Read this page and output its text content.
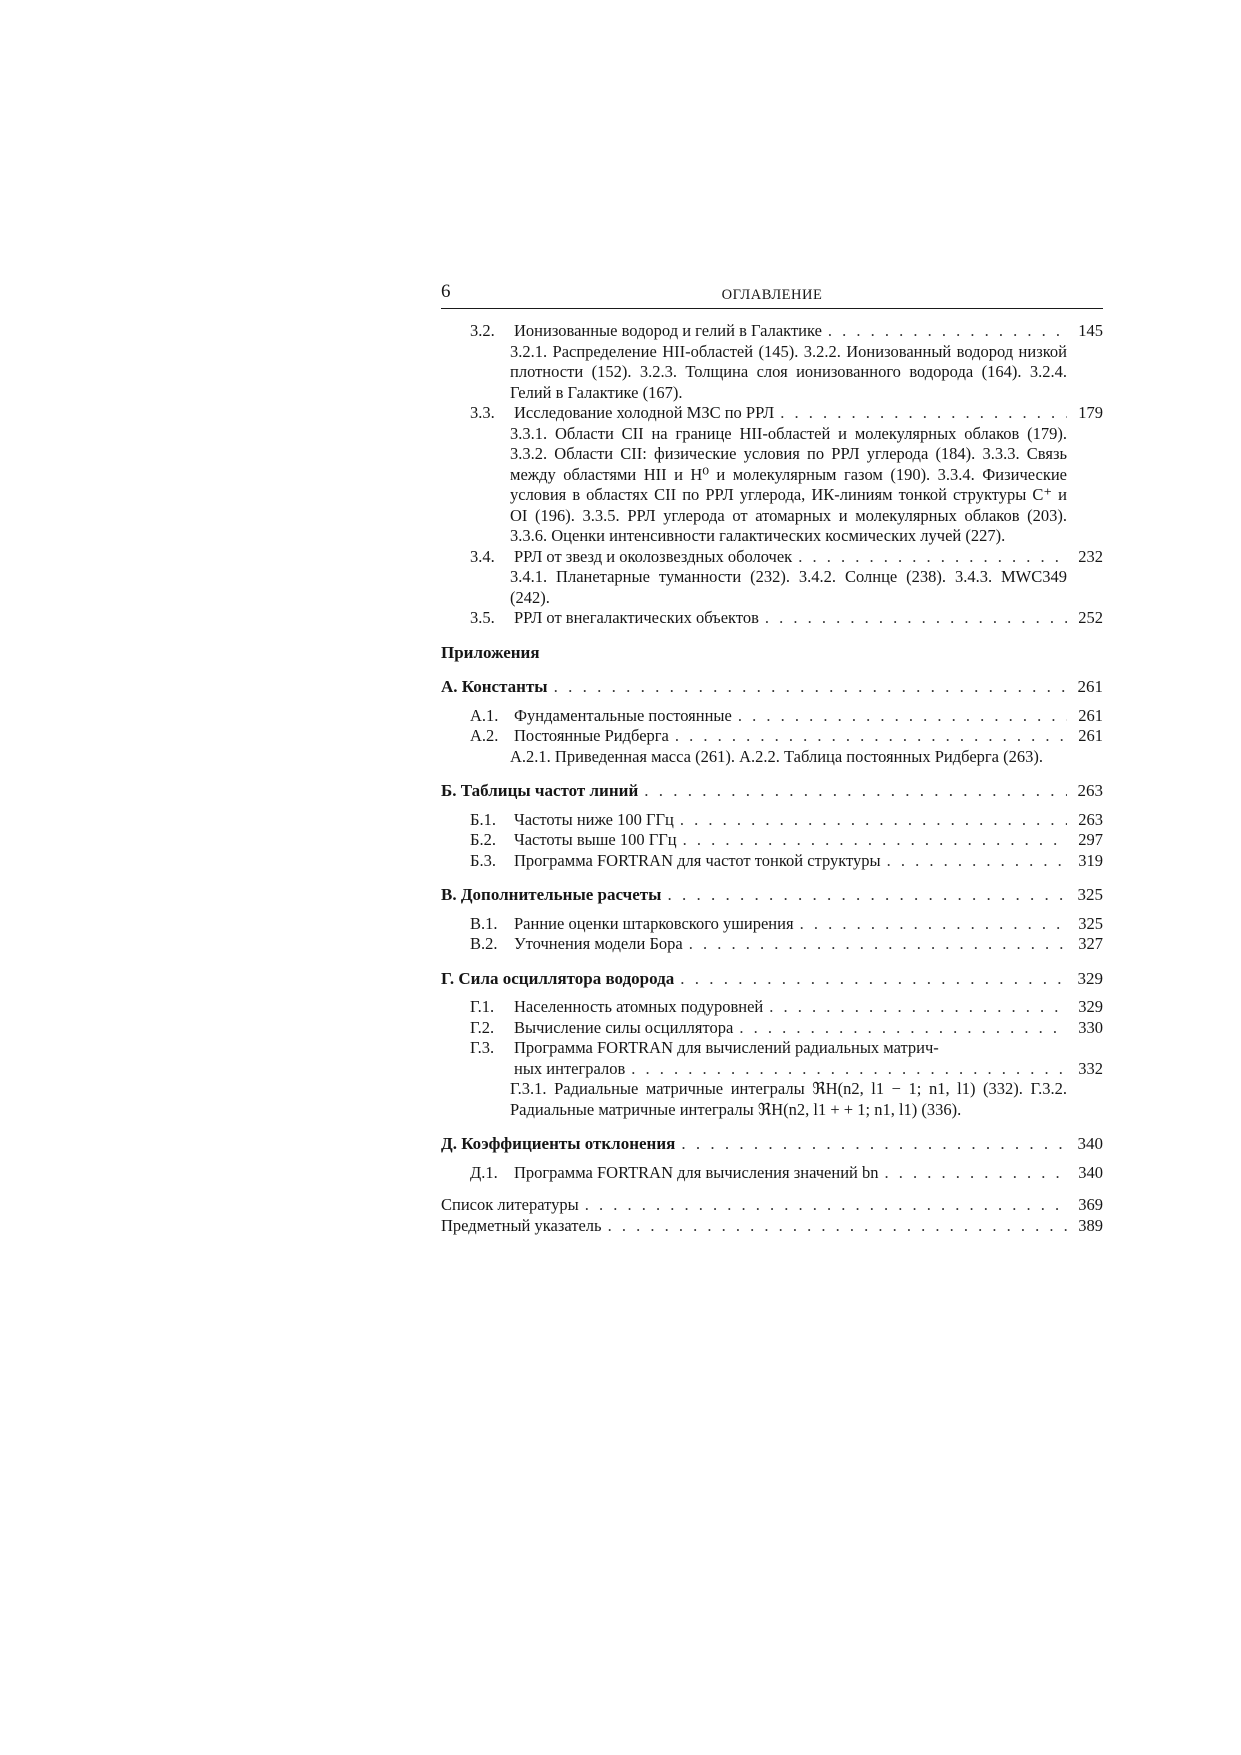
6	ОГЛАВЛЕНИЕ
3.2.	Ионизованные водород и гелий в Галактике . . .	145
3.2.1. Распределение HII-областей (145). 3.2.2. Ионизованный водород низкой плотности (152). 3.2.3. Толщина слоя ионизованного водорода (164). 3.2.4. Гелий в Галактике (167).
3.3.	Исследование холодной МЗС по РРЛ . . .	179
3.3.1. Области CII на границе HII-областей и молекулярных облаков (179). 3.3.2. Области CII: физические условия по РРЛ углерода (184). 3.3.3. Связь между областями HII и H⁰ и молекулярным газом (190). 3.3.4. Физические условия в областях CII по РРЛ углерода, ИК-линиям тонкой структуры C⁺ и OI (196). 3.3.5. РРЛ углерода от атомарных и молекулярных облаков (203). 3.3.6. Оценки интенсивности галактических космических лучей (227).
3.4.	РРЛ от звезд и околозвездных оболочек . . .	232
3.4.1. Планетарные туманности (232). 3.4.2. Солнце (238). 3.4.3. MWC349 (242).
3.5.	РРЛ от внегалактических объектов . . .	252
Приложения
А. Константы . . .	261
А.1. Фундаментальные постоянные . . .	261
А.2. Постоянные Ридберга . . .	261
А.2.1. Приведенная масса (261). А.2.2. Таблица постоянных Ридберга (263).
Б. Таблицы частот линий . . .	263
Б.1.	Частоты ниже 100 ГГц . . .	263
Б.2.	Частоты выше 100 ГГц . . .	297
Б.3.	Программа FORTRAN для частот тонкой структуры . . .	319
В. Дополнительные расчеты . . .	325
В.1. Ранние оценки штарковского уширения . . .	325
В.2. Уточнения модели Бора . . .	327
Г. Сила осциллятора водорода . . .	329
Г.1.	Населенность атомных подуровней . . .	329
Г.2.	Вычисление силы осциллятора . . .	330
Г.3.	Программа FORTRAN для вычислений радиальных матрич-
ных интегралов . . .	332
Г.3.1. Радиальные матричные интегралы ℜH(n2, l1 − 1; n1, l1) (332). Г.3.2. Радиальные матричные интегралы ℜH(n2, l1 + + 1; n1, l1) (336).
Д. Коэффициенты отклонения . . .	340
Д.1. Программа FORTRAN для вычисления значений bn . . .	340
Список литературы . . .	369
Предметный указатель . . .	389
